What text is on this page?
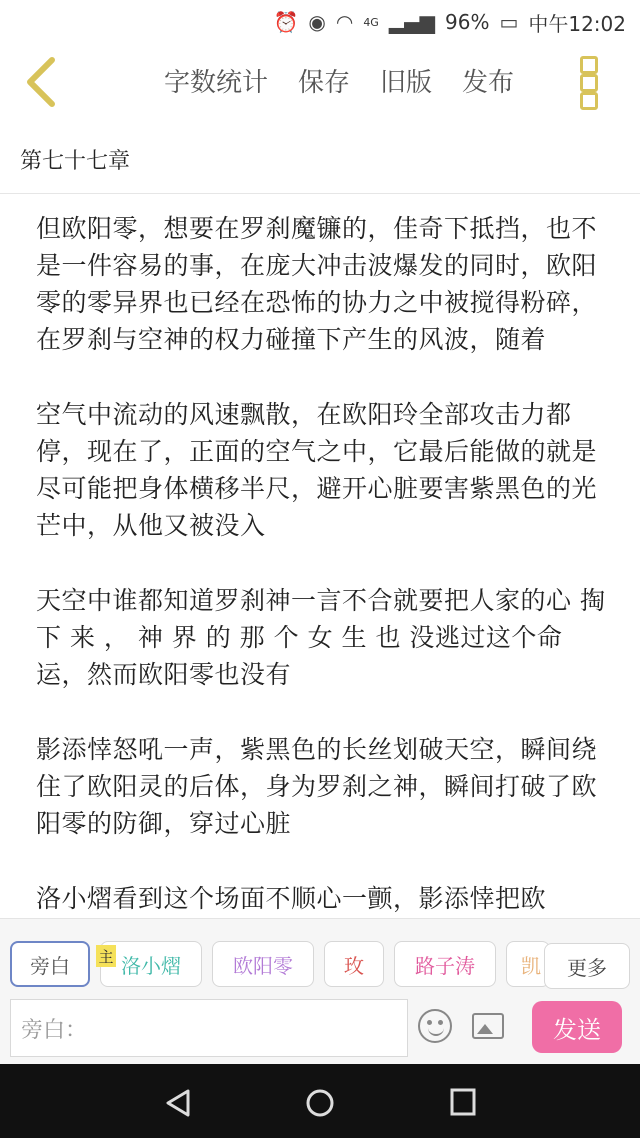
⏰ ◉ ◠ 4G ▂▄▆ 96% ▭ 中午12:02
字数统计 保存 旧版 发布
第七十七章

但欧阳零，想要在罗刹魔镰的，佳奇下抵挡，也不是一件容易的事，在庞大冲击波爆发的同时，欧阳零的零异界也已经在恐怖的协力之中被搅得粉碎，在罗刹与空神的权力碰撞下产生的风波，随着

空气中流动的风速飘散，在欧阳玲全部攻击力都停，现在了，正面的空气之中，它最后能做的就是尽可能把身体横移半尺，避开心脏要害紫黑色的光芒中，从他又被没入

天空中谁都知道罗刹神一言不合就要把人家的心 掏 下 来 ， 神 界 的 那 个 女 生 也 没逃过这个命运，然而欧阳零也没有

影添悻怒吼一声，紫黑色的长丝划破天空，瞬间绕住了欧阳灵的后体，身为罗刹之神，瞬间打破了欧阳零的防御，穿过心脏

洛小熠看到这个场面不顺心一颤，影添悻把欧

旁白	洛小熠	欧阳零	玫	路子涛 凯
主	更多
旁白：	发送
